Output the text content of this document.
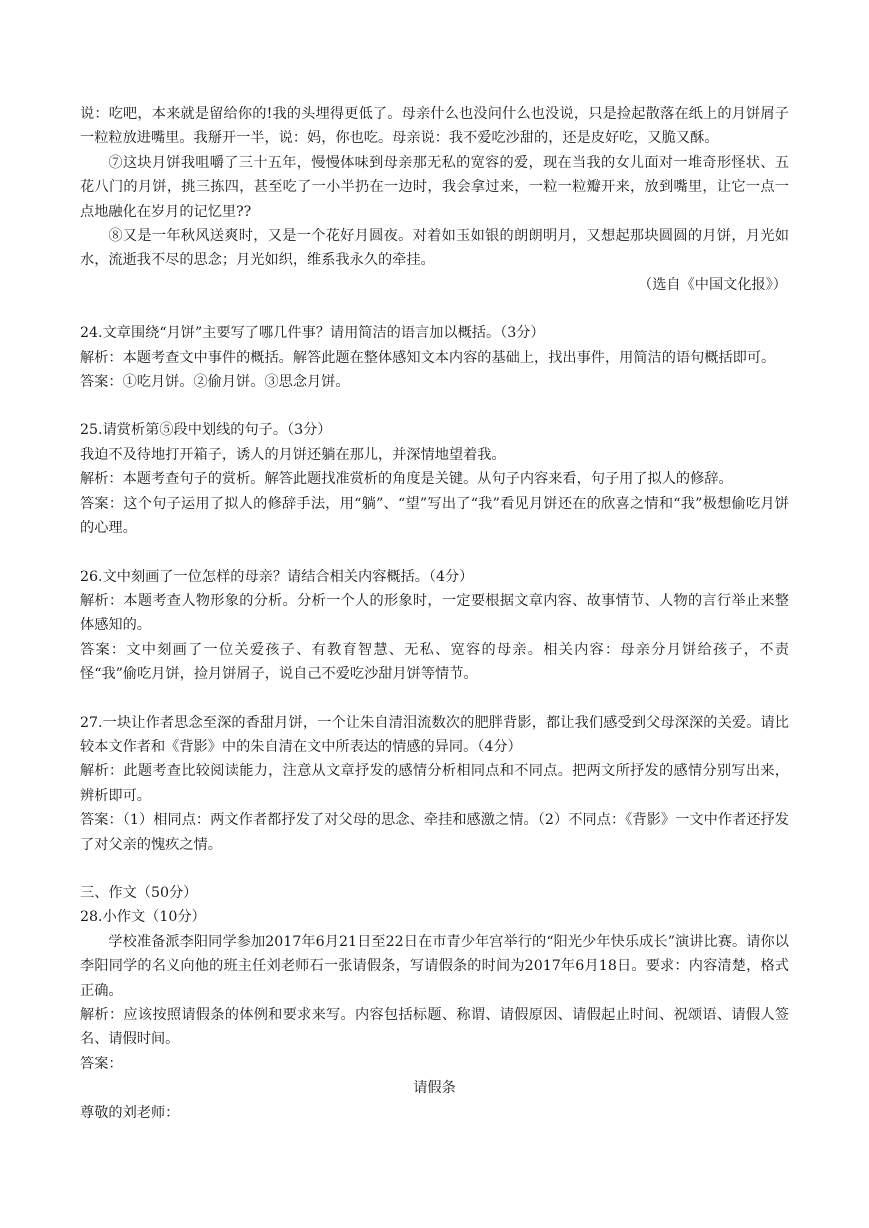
说：吃吧，本来就是留给你的!我的头埋得更低了。母亲什么也没问什么也没说，只是捡起散落在纸上的月饼屑子一粒粒放进嘴里。我掰开一半，说：妈，你也吃。母亲说：我不爱吃沙甜的，还是皮好吃，又脆又酥。

⑦这块月饼我咀嚼了三十五年，慢慢体味到母亲那无私的宽容的爱，现在当我的女儿面对一堆奇形怪状、五花八门的月饼，挑三拣四，甚至吃了一小半扔在一边时，我会拿过来，一粒一粒瓣开来，放到嘴里，让它一点一点地融化在岁月的记忆里??

⑧又是一年秋风送爽时，又是一个花好月圆夜。对着如玉如银的朗朗明月，又想起那块圆圆的月饼，月光如水，流逝我不尽的思念；月光如织，维系我永久的牵挂。

（选自《中国文化报》）

24.文章围绕“月饼”主要写了哪几件事？请用简洁的语言加以概括。（3分）

解析：本题考查文中事件的概括。解答此题在整体感知文本内容的基础上，找出事件，用简洁的语句概括即可。

答案：①吃月饼。②偷月饼。③思念月饼。

25.请赏析第⑤段中划线的句子。（3分）

我迫不及待地打开箱子，诱人的月饼还躺在那儿，并深情地望着我。

解析：本题考查句子的赏析。解答此题找准赏析的角度是关键。从句子内容来看，句子用了拟人的修辞。

答案：这个句子运用了拟人的修辞手法，用“躺”、“望”写出了“我”看见月饼还在的欣喜之情和“我”极想偷吃月饼的心理。

26.文中刻画了一位怎样的母亲？请结合相关内容概括。（4分）

解析：本题考查人物形象的分析。分析一个人的形象时，一定要根据文章内容、故事情节、人物的言行举止来整体感知的。

答案：文中刻画了一位关爱孩子、有教育智慧、无私、宽容的母亲。相关内容：母亲分月饼给孩子，不责怪“我”偷吃月饼，捡月饼屑子，说自己不爱吃沙甜月饼等情节。

27.一块让作者思念至深的香甜月饼，一个让朱自清泪流数次的肥胖背影，都让我们感受到父母深深的关爱。请比较本文作者和《背影》中的朱自清在文中所表达的情感的异同。（4分）

解析：此题考查比较阅读能力，注意从文章抒发的感情分析相同点和不同点。把两文所抒发的感情分别写出来，辨析即可。

答案：（1）相同点：两文作者都抒发了对父母的思念、牵挂和感激之情。（2）不同点：《背影》一文中作者还抒发了对父亲的愧疚之情。

三、作文（50分）

28.小作文（10分）

学校准备派李阳同学参加2017年6月21日至22日在市青少年宫举行的“阳光少年快乐成长”演讲比赛。请你以李阳同学的名义向他的班主任刘老师石一张请假条，写请假条的时间为2017年6月18日。要求：内容清楚，格式正确。

解析：应该按照请假条的体例和要求来写。内容包括标题、称谓、请假原因、请假起止时间、祝颂语、请假人签名、请假时间。

答案：

请假条

尊敬的刘老师：
